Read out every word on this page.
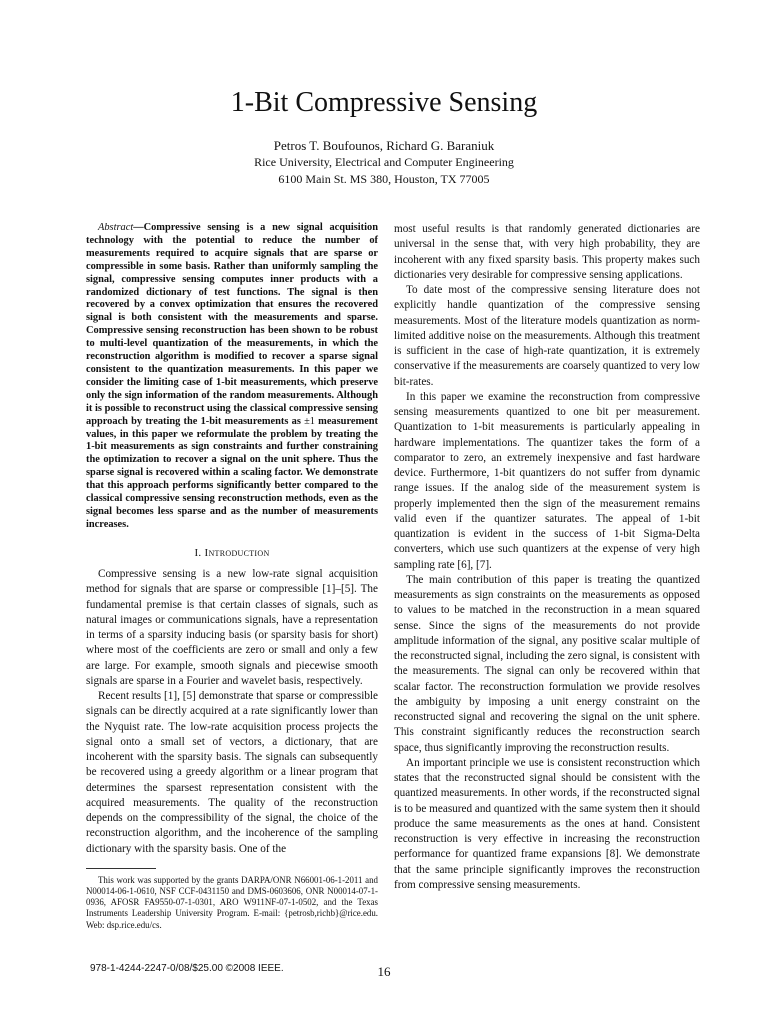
1-Bit Compressive Sensing
Petros T. Boufounos, Richard G. Baraniuk
Rice University, Electrical and Computer Engineering
6100 Main St. MS 380, Houston, TX 77005

Abstract—Compressive sensing is a new signal acquisition technology with the potential to reduce the number of measurements required to acquire signals that are sparse or compressible in some basis. Rather than uniformly sampling the signal, compressive sensing computes inner products with a randomized dictionary of test functions. The signal is then recovered by a convex optimization that ensures the recovered signal is both consistent with the measurements and sparse. Compressive sensing reconstruction has been shown to be robust to multi-level quantization of the measurements, in which the reconstruction algorithm is modified to recover a sparse signal consistent to the quantization measurements. In this paper we consider the limiting case of 1-bit measurements, which preserve only the sign information of the random measurements. Although it is possible to reconstruct using the classical compressive sensing approach by treating the 1-bit measurements as ±1 measurement values, in this paper we reformulate the problem by treating the 1-bit measurements as sign constraints and further constraining the optimization to recover a signal on the unit sphere. Thus the sparse signal is recovered within a scaling factor. We demonstrate that this approach performs significantly better compared to the classical compressive sensing reconstruction methods, even as the signal becomes less sparse and as the number of measurements increases.

I. Introduction

Compressive sensing is a new low-rate signal acquisition method for signals that are sparse or compressible [1]–[5]. The fundamental premise is that certain classes of signals, such as natural images or communications signals, have a representation in terms of a sparsity inducing basis (or sparsity basis for short) where most of the coefficients are zero or small and only a few are large. For example, smooth signals and piecewise smooth signals are sparse in a Fourier and wavelet basis, respectively.

Recent results [1], [5] demonstrate that sparse or compressible signals can be directly acquired at a rate significantly lower than the Nyquist rate. The low-rate acquisition process projects the signal onto a small set of vectors, a dictionary, that are incoherent with the sparsity basis. The signals can subsequently be recovered using a greedy algorithm or a linear program that determines the sparsest representation consistent with the acquired measurements. The quality of the reconstruction depends on the compressibility of the signal, the choice of the reconstruction algorithm, and the incoherence of the sampling dictionary with the sparsity basis. One of the

This work was supported by the grants DARPA/ONR N66001-06-1-2011 and N00014-06-1-0610, NSF CCF-0431150 and DMS-0603606, ONR N00014-07-1-0936, AFOSR FA9550-07-1-0301, ARO W911NF-07-1-0502, and the Texas Instruments Leadership University Program. E-mail: {petrosb,richb}@rice.edu. Web: dsp.rice.edu/cs.

most useful results is that randomly generated dictionaries are universal in the sense that, with very high probability, they are incoherent with any fixed sparsity basis. This property makes such dictionaries very desirable for compressive sensing applications.

To date most of the compressive sensing literature does not explicitly handle quantization of the compressive sensing measurements. Most of the literature models quantization as norm-limited additive noise on the measurements. Although this treatment is sufficient in the case of high-rate quantization, it is extremely conservative if the measurements are coarsely quantized to very low bit-rates.

In this paper we examine the reconstruction from compressive sensing measurements quantized to one bit per measurement. Quantization to 1-bit measurements is particularly appealing in hardware implementations. The quantizer takes the form of a comparator to zero, an extremely inexpensive and fast hardware device. Furthermore, 1-bit quantizers do not suffer from dynamic range issues. If the analog side of the measurement system is properly implemented then the sign of the measurement remains valid even if the quantizer saturates. The appeal of 1-bit quantization is evident in the success of 1-bit Sigma-Delta converters, which use such quantizers at the expense of very high sampling rate [6], [7].

The main contribution of this paper is treating the quantized measurements as sign constraints on the measurements as opposed to values to be matched in the reconstruction in a mean squared sense. Since the signs of the measurements do not provide amplitude information of the signal, any positive scalar multiple of the reconstructed signal, including the zero signal, is consistent with the measurements. The signal can only be recovered within that scalar factor. The reconstruction formulation we provide resolves the ambiguity by imposing a unit energy constraint on the reconstructed signal and recovering the signal on the unit sphere. This constraint significantly reduces the reconstruction search space, thus significantly improving the reconstruction results.

An important principle we use is consistent reconstruction which states that the reconstructed signal should be consistent with the quantized measurements. In other words, if the reconstructed signal is to be measured and quantized with the same system then it should produce the same measurements as the ones at hand. Consistent reconstruction is very effective in increasing the reconstruction performance for quantized frame expansions [8]. We demonstrate that the same principle significantly improves the reconstruction from compressive sensing measurements.

978-1-4244-2247-0/08/$25.00 ©2008 IEEE.	16
